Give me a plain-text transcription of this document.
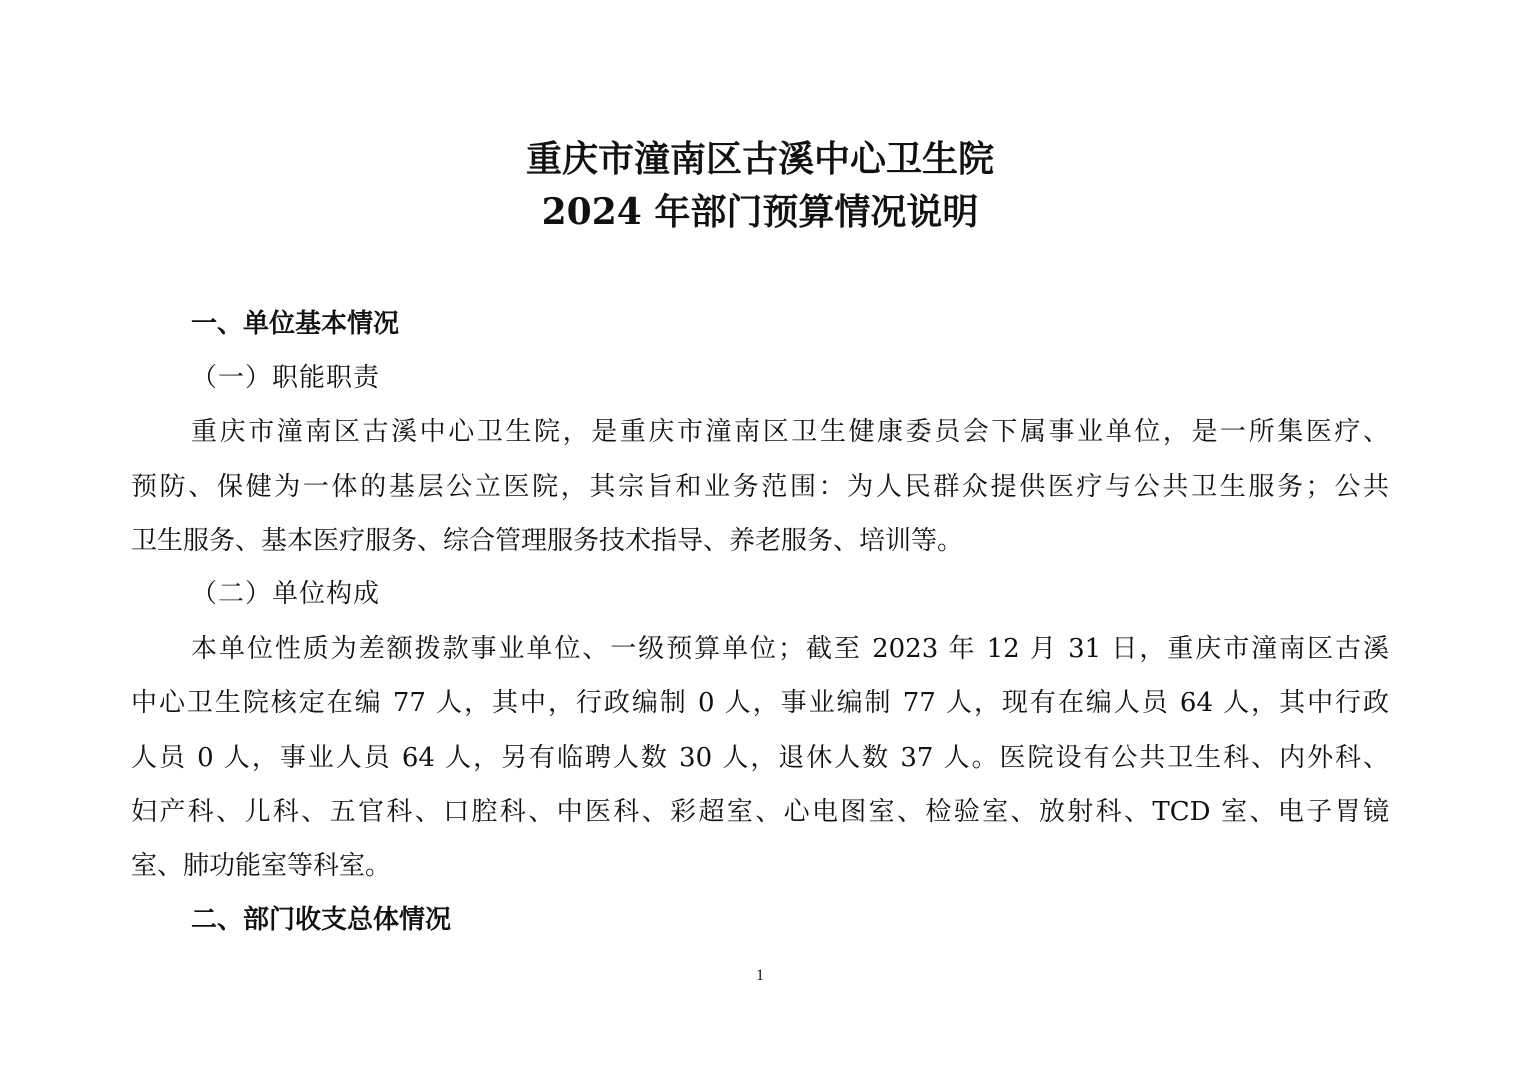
重庆市潼南区古溪中心卫生院
2024 年部门预算情况说明
一、单位基本情况
（一）职能职责
重庆市潼南区古溪中心卫生院，是重庆市潼南区卫生健康委员会下属事业单位，是一所集医疗、
预防、保健为一体的基层公立医院，其宗旨和业务范围：为人民群众提供医疗与公共卫生服务；公共
卫生服务、基本医疗服务、综合管理服务技术指导、养老服务、培训等。
（二）单位构成
本单位性质为差额拨款事业单位、一级预算单位；截至 2023 年 12 月 31 日，重庆市潼南区古溪
中心卫生院核定在编 77 人，其中，行政编制 0 人，事业编制 77 人，现有在编人员 64 人，其中行政
人员 0 人，事业人员 64 人，另有临聘人数 30 人，退休人数 37 人。医院设有公共卫生科、内外科、
妇产科、儿科、五官科、口腔科、中医科、彩超室、心电图室、检验室、放射科、TCD 室、电子胃镜
室、肺功能室等科室。
二、部门收支总体情况
1
